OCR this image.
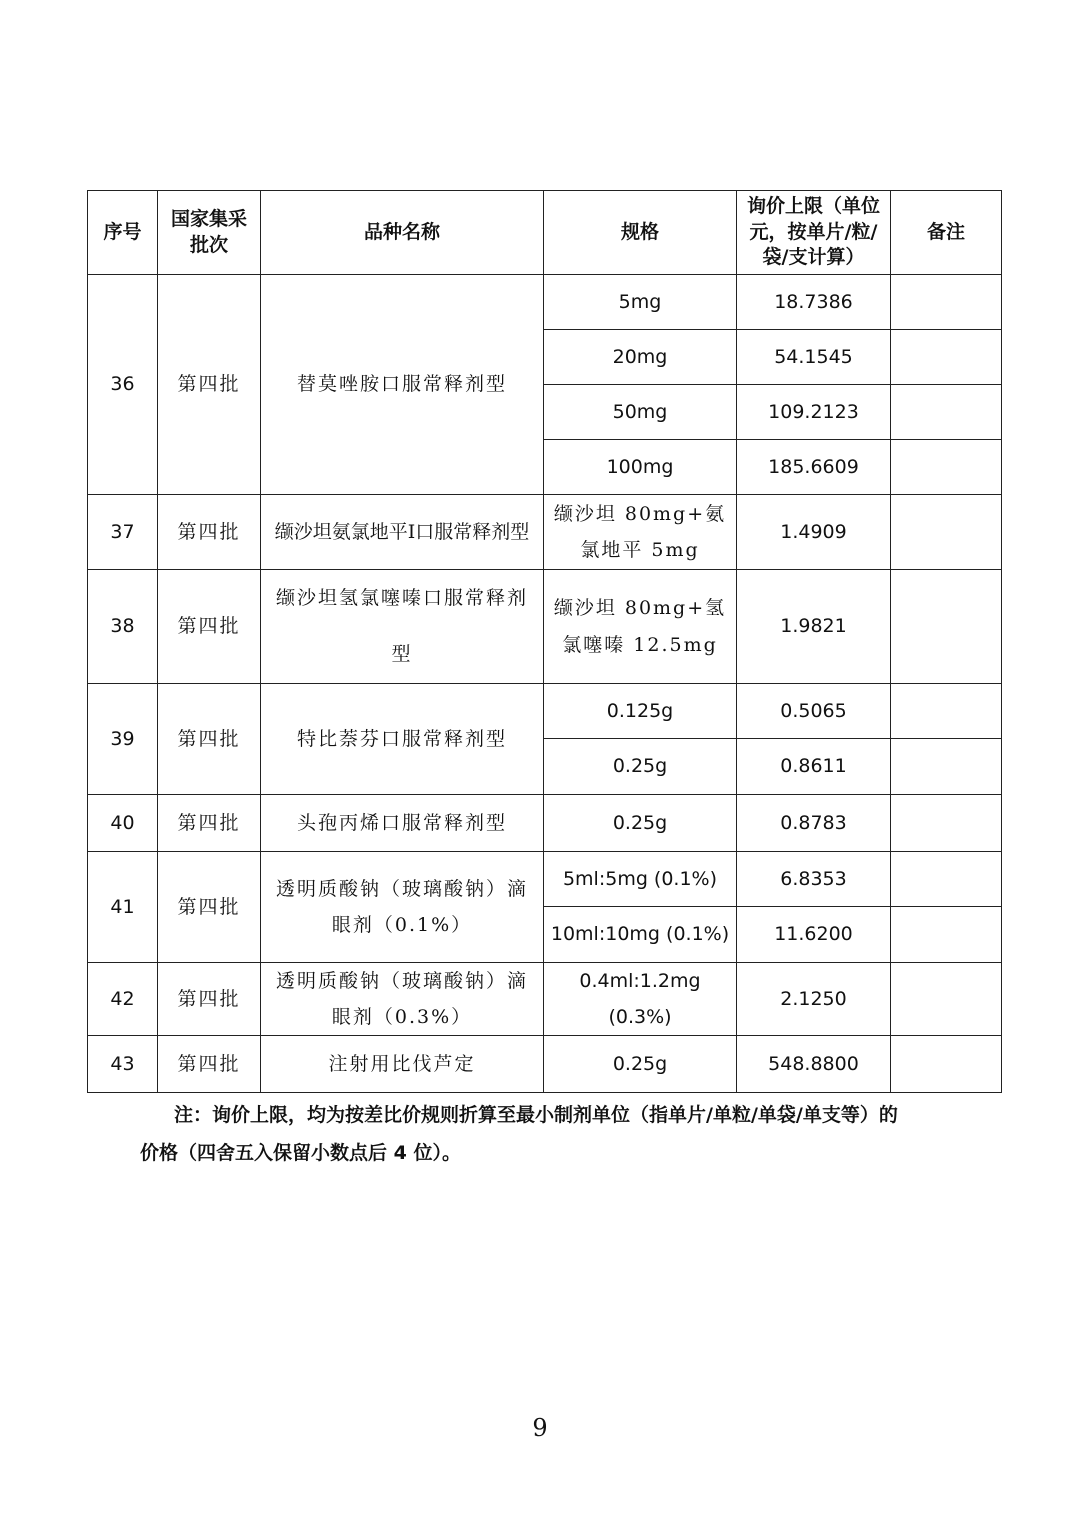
序号	国家集采批次	品种名称	规格	询价上限（单位元，按单片/粒/袋/支计算）	备注
36	第四批	替莫唑胺口服常释剂型	5mg	18.7386	
			20mg	54.1545	
			50mg	109.2123	
			100mg	185.6609	
37	第四批	缬沙坦氨氯地平Ⅰ口服常释剂型	缬沙坦 80mg+氨氯地平 5mg	1.4909	
38	第四批	缬沙坦氢氯噻嗪口服常释剂型	缬沙坦 80mg+氢氯噻嗪 12.5mg	1.9821	
39	第四批	特比萘芬口服常释剂型	0.125g	0.5065	
			0.25g	0.8611	
40	第四批	头孢丙烯口服常释剂型	0.25g	0.8783	
41	第四批	透明质酸钠（玻璃酸钠）滴眼剂（0.1%）	5ml:5mg (0.1%)	6.8353	
			10ml:10mg (0.1%)	11.6200	
42	第四批	透明质酸钠（玻璃酸钠）滴眼剂（0.3%）	0.4ml:1.2mg (0.3%)	2.1250	
43	第四批	注射用比伐芦定	0.25g	548.8800	
注：询价上限，均为按差比价规则折算至最小制剂单位（指单片/单粒/单袋/单支等）的
价格（四舍五入保留小数点后 4 位）。
9
